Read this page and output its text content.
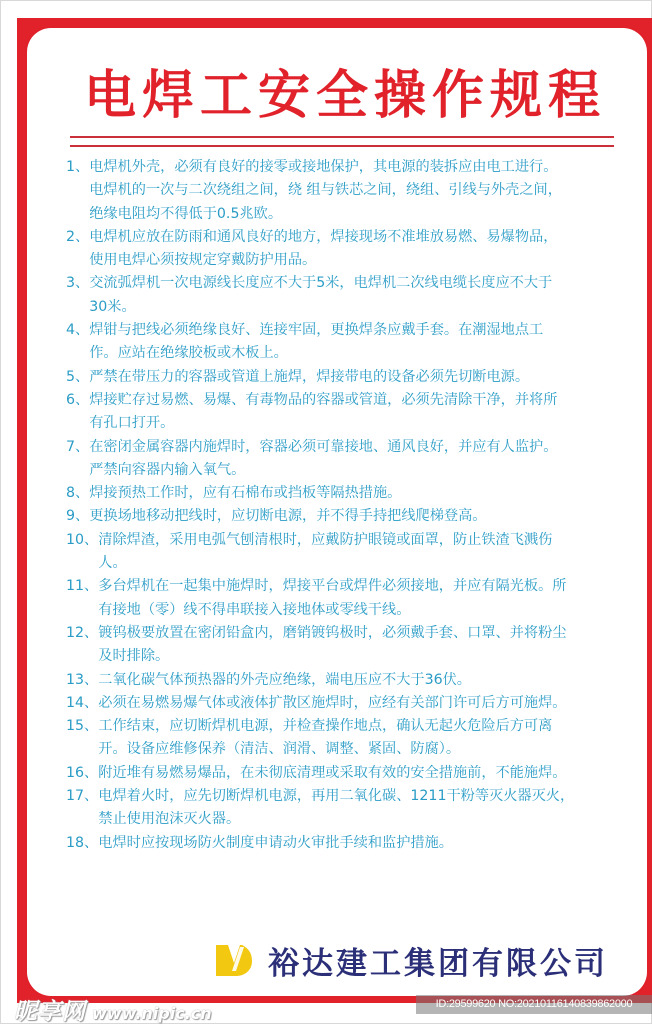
电焊工安全操作规程
1、 电焊机外壳，必须有良好的接零或接地保护，其电源的装拆应由电工进行。
电焊机的一次与二次绕组之间，绕 组与铁芯之间，绕组、引线与外壳之间，
绝缘电阻均不得低于0.5兆欧。
2、 电焊机应放在防雨和通风良好的地方，焊接现场不准堆放易燃、易爆物品，
使用电焊心须按规定穿戴防护用品。
3、 交流弧焊机一次电源线长度应不大于5米，电焊机二次线电缆长度应不大于
30米。
4、 焊钳与把线必须绝缘良好、连接牢固，更换焊条应戴手套。在潮湿地点工
作。应站在绝缘胶板或木板上。
5、 严禁在带压力的容器或管道上施焊，焊接带电的设备必须先切断电源。
6、 焊接贮存过易燃、易爆、有毒物品的容器或管道，必须先清除干净，并将所
有孔口打开。
7、 在密闭金属容器内施焊时，容器必须可靠接地、通风良好，并应有人监护。
严禁向容器内输入氧气。
8、 焊接预热工作时，应有石棉布或挡板等隔热措施。
9、 更换场地移动把线时，应切断电源，并不得手持把线爬梯登高。
10、 清除焊渣，采用电弧气刨清根时，应戴防护眼镜或面罩，防止铁渣飞溅伤
人。
11、 多台焊机在一起集中施焊时，焊接平台或焊件必须接地，并应有隔光板。所
有接地（零）线不得串联接入接地体或零线干线。
12、 镀钨极要放置在密闭铅盒内，磨销镀钨极时，必须戴手套、口罩、并将粉尘
及时排除。
13、 二氧化碳气体预热器的外壳应绝缘，端电压应不大于36伏。
14、 必须在易燃易爆气体或液体扩散区施焊时，应经有关部门许可后方可施焊。
15、 工作结束，应切断焊机电源，并检查操作地点，确认无起火危险后方可离
开。设备应维修保养（清洁、润滑、调整、紧固、防腐）。
16、 附近堆有易燃易爆品，在未彻底清理或采取有效的安全措施前，不能施焊。
17、 电焊着火时，应先切断焊机电源，再用二氧化碳、1211干粉等灭火器灭火，
禁止使用泡沫灭火器。
18、 电焊时应按现场防火制度申请动火审批手续和监护措施。
裕达建工集团有限公司
昵享网 www.nipic.cn	ID:29599620 NO:20210116140839862000
